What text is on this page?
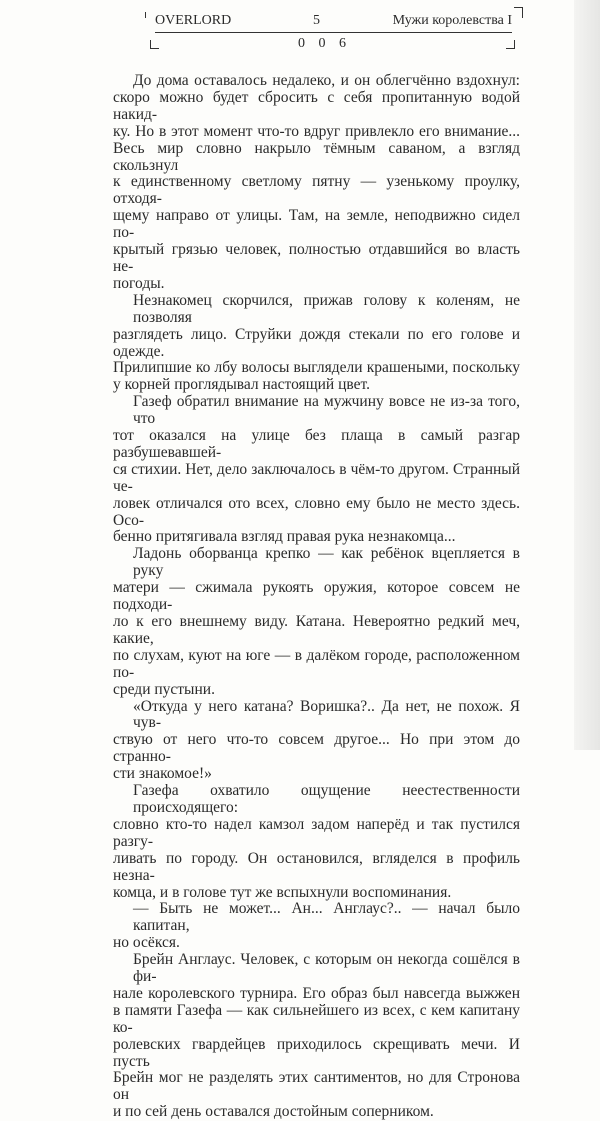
OVERLORD	5	Мужи королевства I
0 0 6
До дома оставалось недалеко, и он облегчённо вздохнул:
скоро можно будет сбросить с себя пропитанную водой накид-
ку. Но в этот момент что-то вдруг привлекло его внимание...
Весь мир словно накрыло тёмным саваном, а взгляд скользнул
к единственному светлому пятну — узенькому проулку, отходя-
щему направо от улицы. Там, на земле, неподвижно сидел по-
крытый грязью человек, полностью отдавшийся во власть не-
погоды.
Незнакомец скорчился, прижав голову к коленям, не позволяя
разглядеть лицо. Струйки дождя стекали по его голове и одежде.
Прилипшие ко лбу волосы выглядели крашеными, поскольку
у корней проглядывал настоящий цвет.
Газеф обратил внимание на мужчину вовсе не из-за того, что
тот оказался на улице без плаща в самый разгар разбушевавшей-
ся стихии. Нет, дело заключалось в чём-то другом. Странный че-
ловек отличался ото всех, словно ему было не место здесь. Осо-
бенно притягивала взгляд правая рука незнакомца...
Ладонь оборванца крепко — как ребёнок вцепляется в руку
матери — сжимала рукоять оружия, которое совсем не подходи-
ло к его внешнему виду. Катана. Невероятно редкий меч, какие,
по слухам, куют на юге — в далёком городе, расположенном по-
среди пустыни.
«Откуда у него катана? Воришка?.. Да нет, не похож. Я чув-
ствую от него что-то совсем другое... Но при этом до странно-
сти знакомое!»
Газефа охватило ощущение неестественности происходящего:
словно кто-то надел камзол задом наперёд и так пустился разгу-
ливать по городу. Он остановился, вгляделся в профиль незна-
комца, и в голове тут же вспыхнули воспоминания.
— Быть не может... Ан... Англаус?.. — начал было капитан,
но осёкся.
Брейн Англаус. Человек, с которым он некогда сошёлся в фи-
нале королевского турнира. Его образ был навсегда выжжен
в памяти Газефа — как сильнейшего из всех, с кем капитану ко-
ролевских гвардейцев приходилось скрещивать мечи. И пусть
Брейн мог не разделять этих сантиментов, но для Стронова он
и по сей день оставался достойным соперником.
